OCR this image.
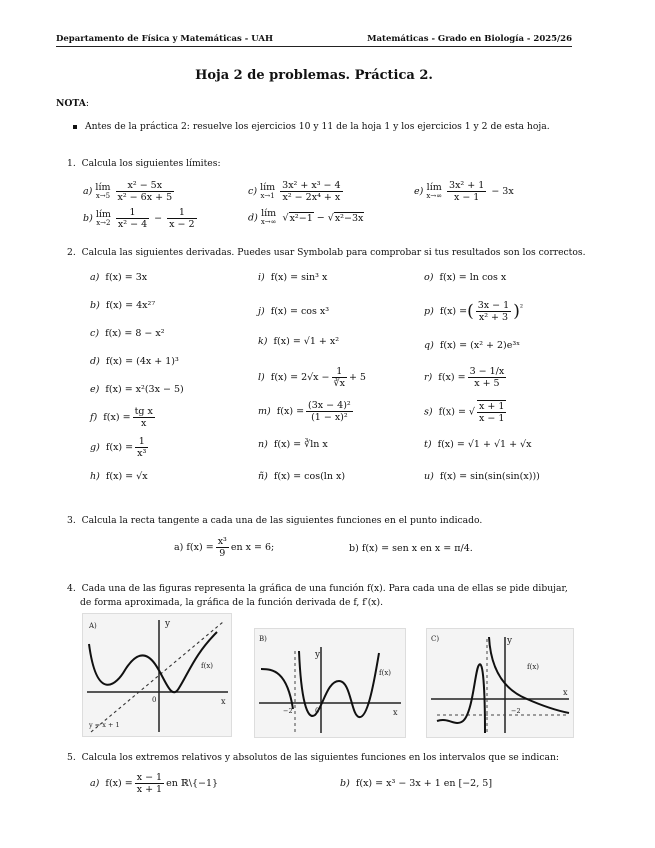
Departamento de Física y Matemáticas - UAH	Matemáticas - Grado en Biología - 2025/26
Hoja 2 de problemas. Práctica 2.
NOTA:
Antes de la práctica 2: resuelve los ejercicios 10 y 11 de la hoja 1 y los ejercicios 1 y 2 de esta hoja.
1. Calcula los siguientes límites:
a) lím
$x\to 5 \frac{\text{x² − 5x}}{\text{x² − 6x + 5}}$
b) lím
$x\to 2 \frac{1}{\text{x² − 4}} - \frac{1}{x - 2}$
c) lím
$x\to 1 \frac{\text{3x² + x³ − 4}}{\text{x² − 2x⁴ + x}}$
d) lím
x→∞ √x²−1 − √x²−3x
e) lím
$x\to\infty \frac{\text{3x² + 1}}{x - 1} - 3x$
2. Calcula las siguientes derivadas. Puedes usar Symbolab para comprobar si tus resultados son los correctos.
a) f(x) = 3x
b) f(x) = 4x²⁷
c) f(x) = 8 − x²
d) f(x) = (4x + 1)³
e) f(x) = x²(3x − 5)
f) $f(x) = \frac{\text{tg x}}{x}$
g) $f(x) = \frac{1}{\text{x³}}$
h) f(x) = √x
i) f(x) = sin³ x
j) f(x) = cos x³
k) f(x) = √1 + x²
l) $f(x) = 2√x - \frac{1}{∛x} + 5$
m) $f(x) = \frac{\text{(3x − 4)²}}{\text{(1 − x)²}}$
n) f(x) = ∛ln x
ñ) f(x) = cos(ln x)
o) f(x) = ln cos x
p) f(x) =( $\frac{3x - 1}{\text{x² + 3}} )^{^2}$
q) f(x) = (x² + 2)e³ˣ
r) $f(x) = \frac{3 - 1/x}{x + 5}$
s) f(x) = √ $\frac{x + 1}{x - 1}$
t) f(x) = √1 + √1 + √x
u) f(x) = sin(sin(sin(x)))
3. Calcula la recta tangente a cada una de las siguientes funciones en el punto indicado.
a) $f(x) = \frac{\text{x³}}{9}$ en x = 6;	b) f(x) = sen x en x = π/4.
4. Cada una de las figuras representa la gráfica de una función f(x). Para cada una de ellas se pide dibujar,
de forma aproximada, la gráfica de la función derivada de f, f′(x).
A)	y
f(x)
x
0
y = x + 1
B)
y
f(x)
x
0
−2
C)	y
f(x)
x
−2
5. Calcula los extremos relativos y absolutos de las siguientes funciones en los intervalos que se indican:
a) $f(x) = \frac{x - 1}{x + 1}$ en ℝ\{−1}	b) f(x) = x³ − 3x + 1 en [−2, 5]
